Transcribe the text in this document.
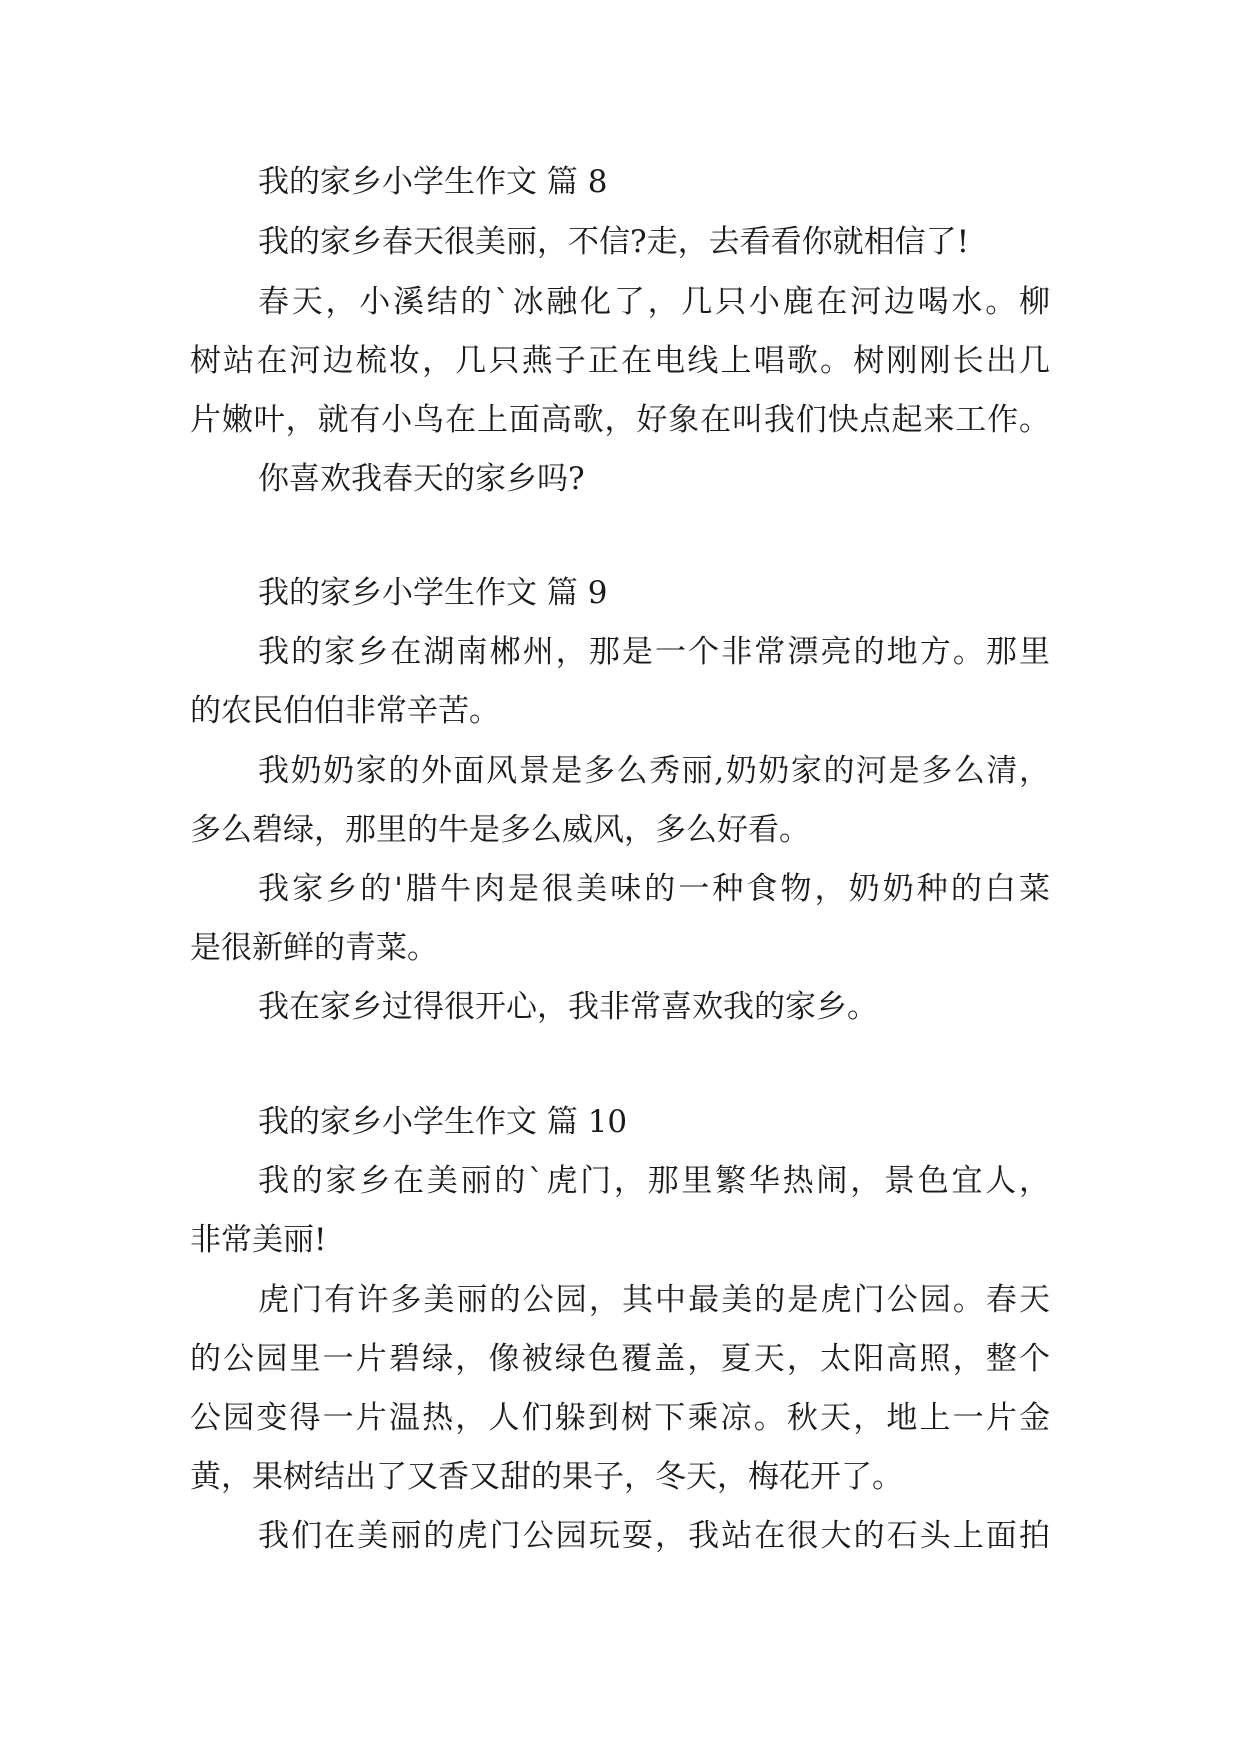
我的家乡小学生作文 篇 8
我的家乡春天很美丽，不信?走，去看看你就相信了!
春天，小溪结的`冰融化了，几只小鹿在河边喝水。柳
树站在河边梳妆，几只燕子正在电线上唱歌。树刚刚长出几
片嫩叶，就有小鸟在上面高歌，好象在叫我们快点起来工作。
你喜欢我春天的家乡吗?
我的家乡小学生作文 篇 9
我的家乡在湖南郴州，那是一个非常漂亮的地方。那里
的农民伯伯非常辛苦。
我奶奶家的外面风景是多么秀丽,奶奶家的河是多么清，
多么碧绿，那里的牛是多么威风，多么好看。
我家乡的'腊牛肉是很美味的一种食物，奶奶种的白菜
是很新鲜的青菜。
我在家乡过得很开心，我非常喜欢我的家乡。
我的家乡小学生作文 篇 10
我的家乡在美丽的`虎门，那里繁华热闹，景色宜人，
非常美丽!
虎门有许多美丽的公园，其中最美的是虎门公园。春天
的公园里一片碧绿，像被绿色覆盖，夏天，太阳高照，整个
公园变得一片温热，人们躲到树下乘凉。秋天，地上一片金
黄，果树结出了又香又甜的果子，冬天，梅花开了。
我们在美丽的虎门公园玩耍，我站在很大的石头上面拍
